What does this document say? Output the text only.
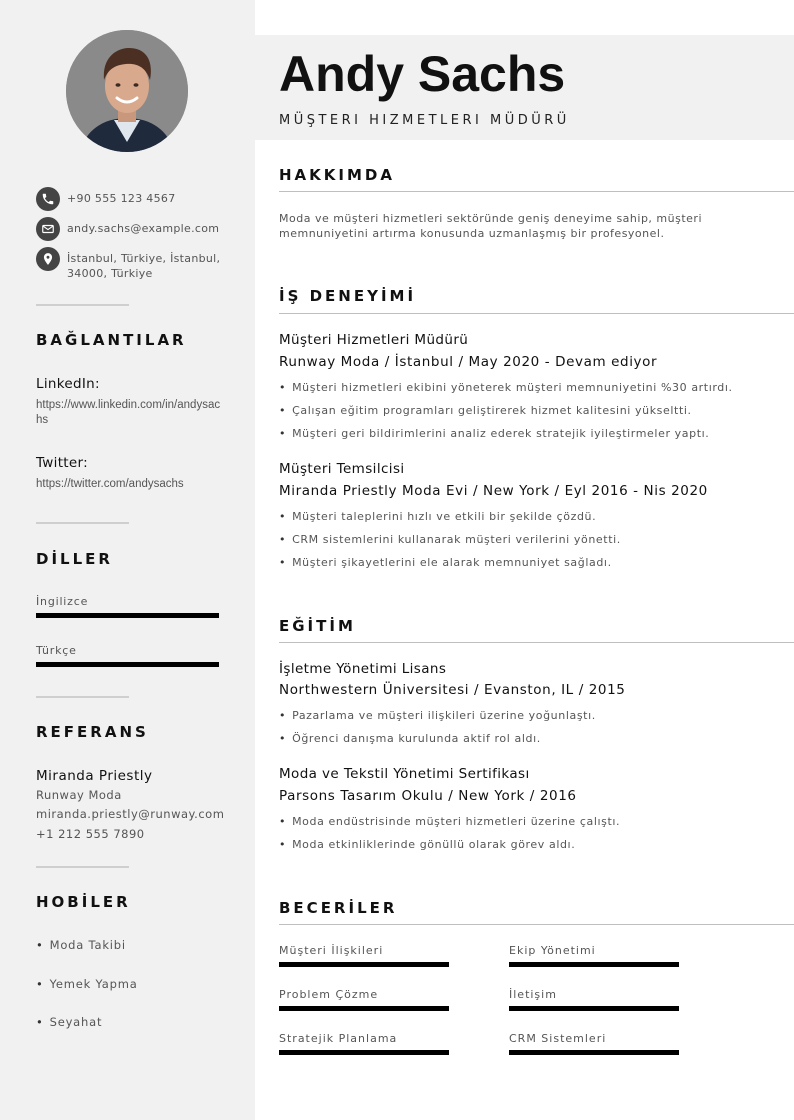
+90 555 123 4567
andy.sachs@example.com
İstanbul, Türkiye, İstanbul,
34000, Türkiye
BAĞLANTILAR
LinkedIn:
https://www.linkedin.com/in/andysachs
Twitter:
https://twitter.com/andysachs
DİLLER
İngilizce
Türkçe
REFERANS
Miranda Priestly
Runway Moda
miranda.priestly@runway.com
+1 212 555 7890
HOBİLER
• Moda Takibi
• Yemek Yapma
• Seyahat
Andy Sachs
MÜŞTERI HIZMETLERI MÜDÜRÜ
HAKKIMDA
Moda ve müşteri hizmetleri sektöründe geniş deneyime sahip, müşteri
memnuniyetini artırma konusunda uzmanlaşmış bir profesyonel.
İŞ DENEYİMİ
Müşteri Hizmetleri Müdürü
Runway Moda / İstanbul / May 2020 - Devam ediyor
• Müşteri hizmetleri ekibini yöneterek müşteri memnuniyetini %30 artırdı.
• Çalışan eğitim programları geliştirerek hizmet kalitesini yükseltti.
• Müşteri geri bildirimlerini analiz ederek stratejik iyileştirmeler yaptı.
Müşteri Temsilcisi
Miranda Priestly Moda Evi / New York / Eyl 2016 - Nis 2020
• Müşteri taleplerini hızlı ve etkili bir şekilde çözdü.
• CRM sistemlerini kullanarak müşteri verilerini yönetti.
• Müşteri şikayetlerini ele alarak memnuniyet sağladı.
EĞİTİM
İşletme Yönetimi Lisans
Northwestern Üniversitesi / Evanston, IL / 2015
• Pazarlama ve müşteri ilişkileri üzerine yoğunlaştı.
• Öğrenci danışma kurulunda aktif rol aldı.
Moda ve Tekstil Yönetimi Sertifikası
Parsons Tasarım Okulu / New York / 2016
• Moda endüstrisinde müşteri hizmetleri üzerine çalıştı.
• Moda etkinliklerinde gönüllü olarak görev aldı.
BECERİLER
Müşteri İlişkileri	Ekip Yönetimi
Problem Çözme	İletişim
Stratejik Planlama	CRM Sistemleri
